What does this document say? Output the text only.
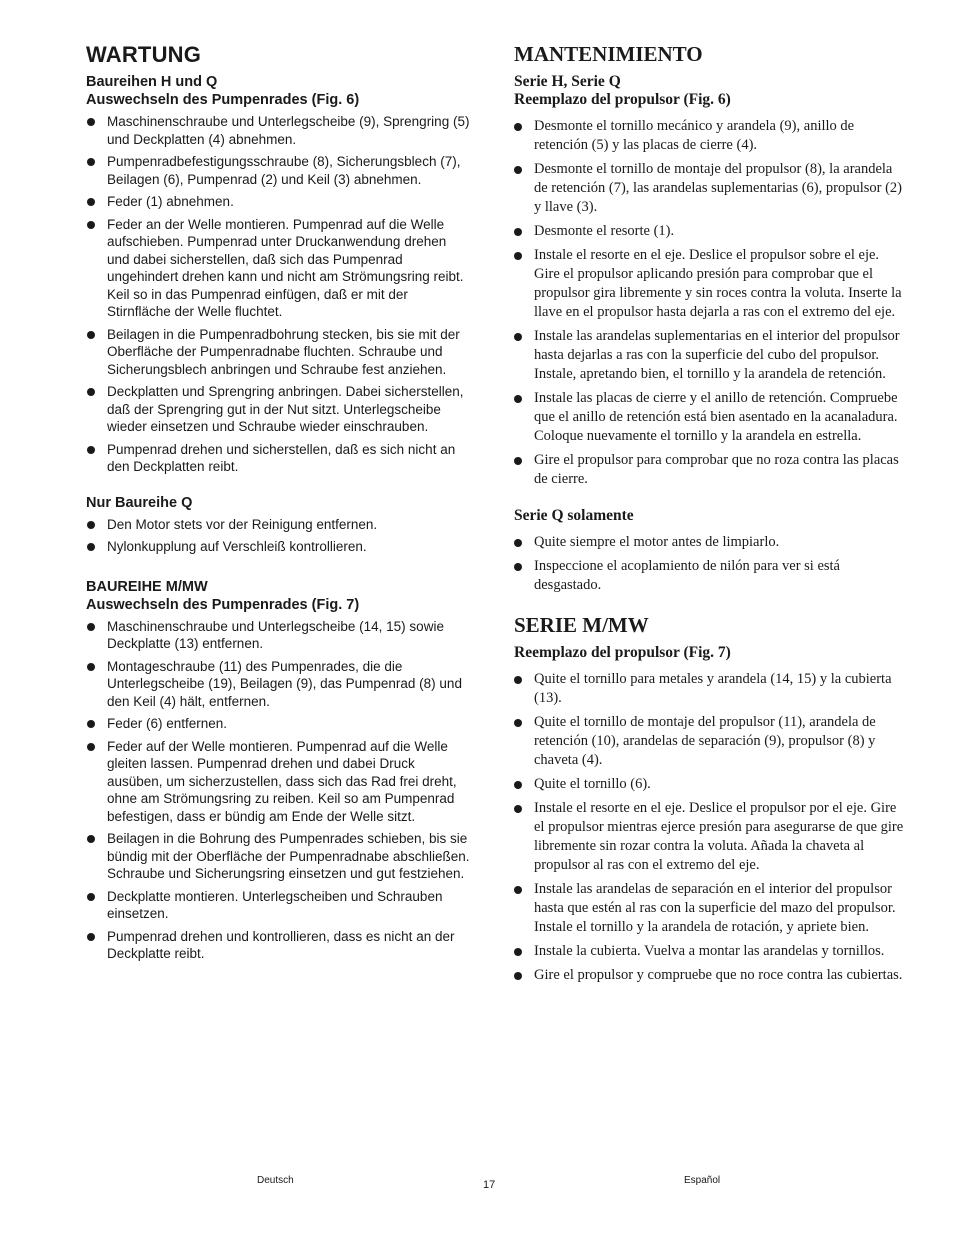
WARTUNG
Baureihen H und Q
Auswechseln des Pumpenrades (Fig. 6)
Maschinenschraube und Unterlegscheibe (9), Sprengring (5) und Deckplatten (4) abnehmen.
Pumpenradbefestigungsschraube (8), Sicherungsblech (7), Beilagen (6), Pumpenrad (2) und Keil (3) abnehmen.
Feder (1) abnehmen.
Feder an der Welle montieren. Pumpenrad auf die Welle aufschieben. Pumpenrad unter Druckanwendung drehen und dabei sicherstellen, daß sich das Pumpenrad ungehindert drehen kann und nicht am Strömungsring reibt. Keil so in das Pumpenrad einfügen, daß er mit der Stirnfläche der Welle fluchtet.
Beilagen in die Pumpenradbohrung stecken, bis sie mit der Oberfläche der Pumpenradnabe fluchten. Schraube und Sicherungsblech anbringen und Schraube fest anziehen.
Deckplatten und Sprengring anbringen. Dabei sicherstellen, daß der Sprengring gut in der Nut sitzt. Unterlegscheibe wieder einsetzen und Schraube wieder einschrauben.
Pumpenrad drehen und sicherstellen, daß es sich nicht an den Deckplatten reibt.
Nur Baureihe Q
Den Motor stets vor der Reinigung entfernen.
Nylonkupplung auf Verschleiß kontrollieren.
BAUREIHE M/MW
Auswechseln des Pumpenrades (Fig. 7)
Maschinenschraube und Unterlegscheibe (14, 15) sowie Deckplatte (13) entfernen.
Montageschraube (11) des Pumpenrades, die die Unterlegscheibe (19), Beilagen (9), das Pumpenrad (8) und den Keil (4) hält, entfernen.
Feder (6) entfernen.
Feder auf der Welle montieren. Pumpenrad auf die Welle gleiten lassen. Pumpenrad drehen und dabei Druck ausüben, um sicherzustellen, dass sich das Rad frei dreht, ohne am Strömungsring zu reiben. Keil so am Pumpenrad befestigen, dass er bündig am Ende der Welle sitzt.
Beilagen in die Bohrung des Pumpenrades schieben, bis sie bündig mit der Oberfläche der Pumpenradnabe abschließen. Schraube und Sicherungsring einsetzen und gut festziehen.
Deckplatte montieren. Unterlegscheiben und Schrauben einsetzen.
Pumpenrad drehen und kontrollieren, dass es nicht an der Deckplatte reibt.
MANTENIMIENTO
Serie H, Serie Q
Reemplazo del propulsor (Fig. 6)
Desmonte el tornillo mecánico y arandela (9), anillo de retención (5) y las placas de cierre (4).
Desmonte el tornillo de montaje del propulsor (8), la arandela de retención (7), las arandelas suplementarias (6), propulsor (2) y llave (3).
Desmonte el resorte (1).
Instale el resorte en el eje. Deslice el propulsor sobre el eje. Gire el propulsor aplicando presión para comprobar que el propulsor gira libremente y sin roces contra la voluta. Inserte la llave en el propulsor hasta dejarla a ras con el extremo del eje.
Instale las arandelas suplementarias en el interior del propulsor hasta dejarlas a ras con la superficie del cubo del propulsor. Instale, apretando bien, el tornillo y la arandela de retención.
Instale las placas de cierre y el anillo de retención. Compruebe que el anillo de retención está bien asentado en la acanaladura. Coloque nuevamente el tornillo y la arandela en estrella.
Gire el propulsor para comprobar que no roza contra las placas de cierre.
Serie Q solamente
Quite siempre el motor antes de limpiarlo.
Inspeccione el acoplamiento de nilón para ver si está desgastado.
SERIE M/MW
Reemplazo del propulsor (Fig. 7)
Quite el tornillo para metales y arandela (14, 15) y la cubierta (13).
Quite el tornillo de montaje del propulsor (11), arandela de retención (10), arandelas de separación (9), propulsor (8) y chaveta (4).
Quite el tornillo (6).
Instale el resorte en el eje. Deslice el propulsor por el eje. Gire el propulsor mientras ejerce presión para asegurarse de que gire libremente sin rozar contra la voluta. Añada la chaveta al propulsor al ras con el extremo del eje.
Instale las arandelas de separación en el interior del propulsor hasta que estén al ras con la superficie del mazo del propulsor. Instale el tornillo y la arandela de rotación, y apriete bien.
Instale la cubierta. Vuelva a montar las arandelas y tornillos.
Gire el propulsor y compruebe que no roce contra las cubiertas.
Deutsch	17	Español
